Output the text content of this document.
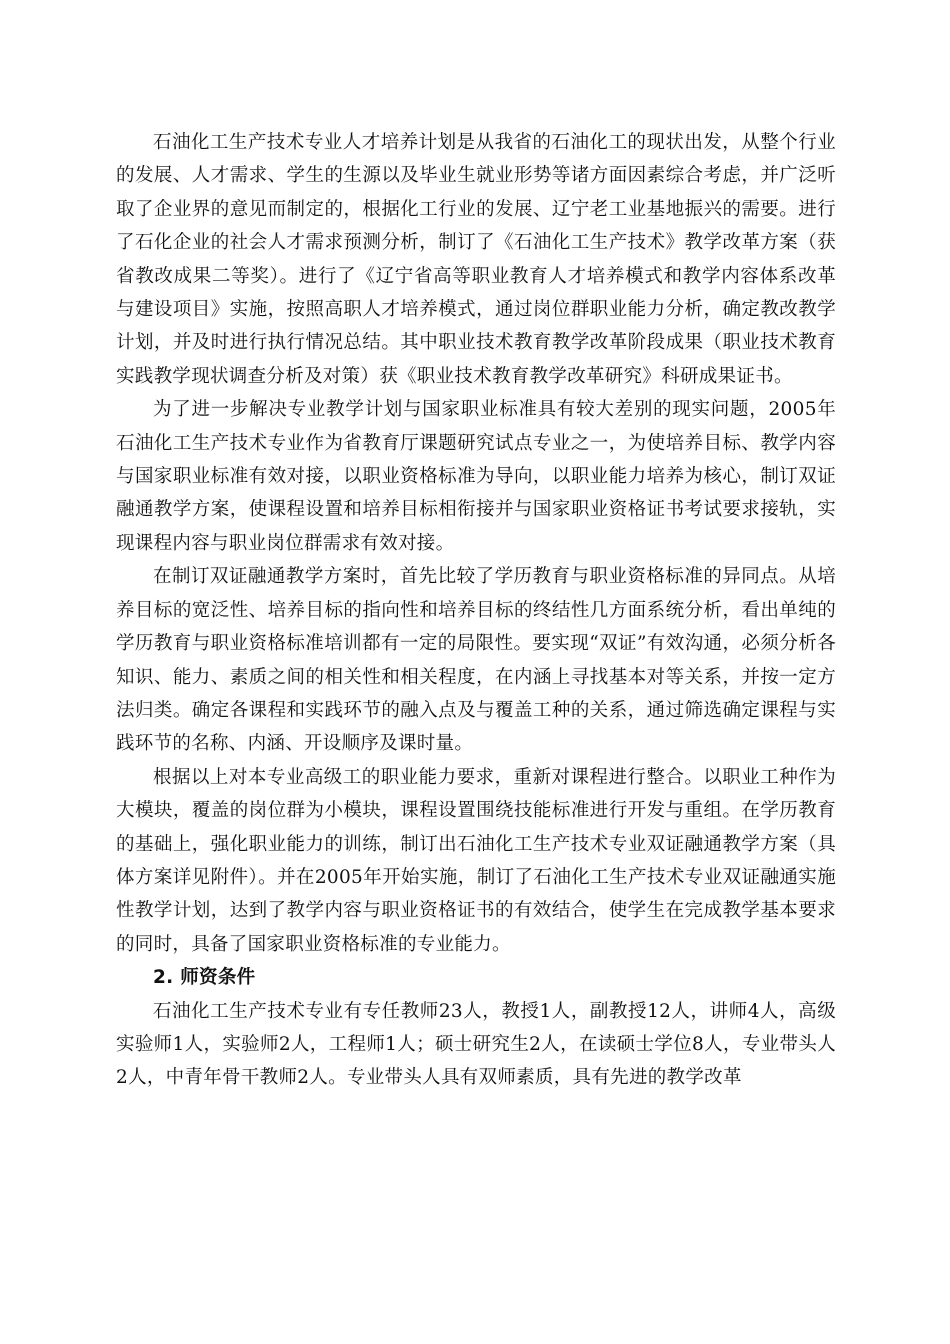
石油化工生产技术专业人才培养计划是从我省的石油化工的现状出发，从整个行业的发展、人才需求、学生的生源以及毕业生就业形势等诸方面因素综合考虑，并广泛听取了企业界的意见而制定的，根据化工行业的发展、辽宁老工业基地振兴的需要。进行了石化企业的社会人才需求预测分析，制订了《石油化工生产技术》教学改革方案（获省教改成果二等奖）。进行了《辽宁省高等职业教育人才培养模式和教学内容体系改革与建设项目》实施，按照高职人才培养模式，通过岗位群职业能力分析，确定教改教学计划，并及时进行执行情况总结。其中职业技术教育教学改革阶段成果（职业技术教育实践教学现状调查分析及对策）获《职业技术教育教学改革研究》科研成果证书。

为了进一步解决专业教学计划与国家职业标准具有较大差别的现实问题，2005年石油化工生产技术专业作为省教育厅课题研究试点专业之一，为使培养目标、教学内容与国家职业标准有效对接，以职业资格标准为导向，以职业能力培养为核心，制订双证融通教学方案，使课程设置和培养目标相衔接并与国家职业资格证书考试要求接轨，实现课程内容与职业岗位群需求有效对接。

在制订双证融通教学方案时，首先比较了学历教育与职业资格标准的异同点。从培养目标的宽泛性、培养目标的指向性和培养目标的终结性几方面系统分析，看出单纯的学历教育与职业资格标准培训都有一定的局限性。要实现“双证”有效沟通，必须分析各知识、能力、素质之间的相关性和相关程度，在内涵上寻找基本对等关系，并按一定方法归类。确定各课程和实践环节的融入点及与覆盖工种的关系，通过筛选确定课程与实践环节的名称、内涵、开设顺序及课时量。

根据以上对本专业高级工的职业能力要求，重新对课程进行整合。以职业工种作为大模块，覆盖的岗位群为小模块，课程设置围绕技能标准进行开发与重组。在学历教育的基础上，强化职业能力的训练，制订出石油化工生产技术专业双证融通教学方案（具体方案详见附件）。并在2005年开始实施，制订了石油化工生产技术专业双证融通实施性教学计划，达到了教学内容与职业资格证书的有效结合，使学生在完成教学基本要求的同时，具备了国家职业资格标准的专业能力。

2. 师资条件

石油化工生产技术专业有专任教师23人，教授1人，副教授12人，讲师4人，高级实验师1人，实验师2人，工程师1人；硕士研究生2人，在读硕士学位8人，专业带头人2人，中青年骨干教师2人。专业带头人具有双师素质，具有先进的教学改革
